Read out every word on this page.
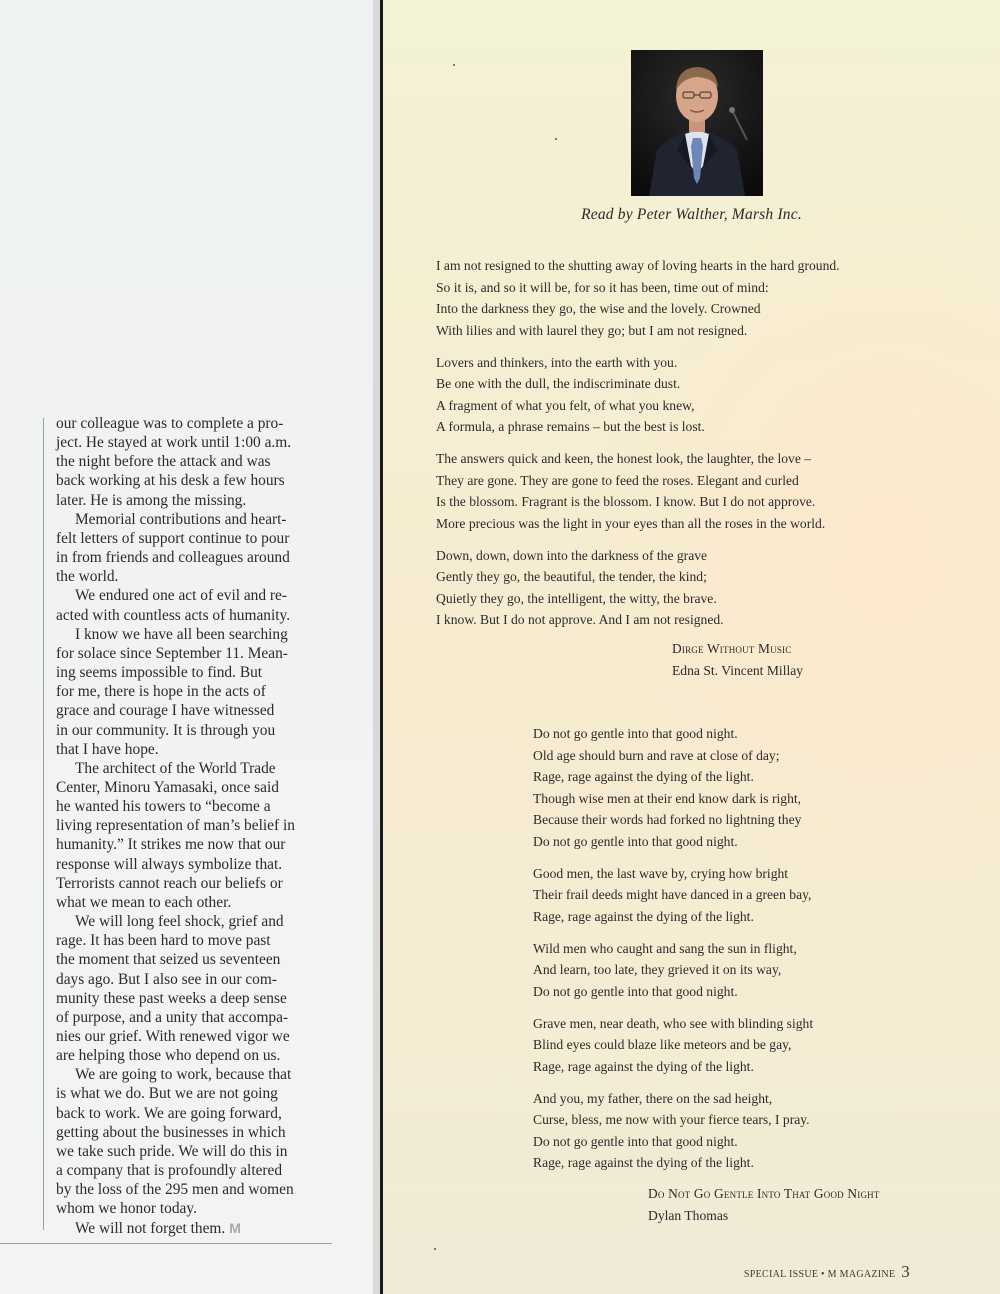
our colleague was to complete a pro-
ject. He stayed at work until 1:00 a.m.
the night before the attack and was
back working at his desk a few hours
later. He is among the missing.
Memorial contributions and heart-
felt letters of support continue to pour
in from friends and colleagues around
the world.
We endured one act of evil and re-
acted with countless acts of humanity.
I know we have all been searching
for solace since September 11. Mean-
ing seems impossible to find. But
for me, there is hope in the acts of
grace and courage I have witnessed
in our community. It is through you
that I have hope.
The architect of the World Trade
Center, Minoru Yamasaki, once said
he wanted his towers to “become a
living representation of man’s belief in
humanity.” It strikes me now that our
response will always symbolize that.
Terrorists cannot reach our beliefs or
what we mean to each other.
We will long feel shock, grief and
rage. It has been hard to move past
the moment that seized us seventeen
days ago. But I also see in our com-
munity these past weeks a deep sense
of purpose, and a unity that accompa-
nies our grief. With renewed vigor we
are helping those who depend on us.
We are going to work, because that
is what we do. But we are not going
back to work. We are going forward,
getting about the businesses in which
we take such pride. We will do this in
a company that is profoundly altered
by the loss of the 295 men and women
whom we honor today.
We will not forget them. M
Read by Peter Walther, Marsh Inc.
I am not resigned to the shutting away of loving hearts in the hard ground.
So it is, and so it will be, for so it has been, time out of mind:
Into the darkness they go, the wise and the lovely. Crowned
With lilies and with laurel they go; but I am not resigned.
Lovers and thinkers, into the earth with you.
Be one with the dull, the indiscriminate dust.
A fragment of what you felt, of what you knew,
A formula, a phrase remains – but the best is lost.
The answers quick and keen, the honest look, the laughter, the love –
They are gone. They are gone to feed the roses. Elegant and curled
Is the blossom. Fragrant is the blossom. I know. But I do not approve.
More precious was the light in your eyes than all the roses in the world.
Down, down, down into the darkness of the grave
Gently they go, the beautiful, the tender, the kind;
Quietly they go, the intelligent, the witty, the brave.
I know. But I do not approve. And I am not resigned.
Dirge Without Music
Edna St. Vincent Millay
Do not go gentle into that good night.
Old age should burn and rave at close of day;
Rage, rage against the dying of the light.
Though wise men at their end know dark is right,
Because their words had forked no lightning they
Do not go gentle into that good night.
Good men, the last wave by, crying how bright
Their frail deeds might have danced in a green bay,
Rage, rage against the dying of the light.
Wild men who caught and sang the sun in flight,
And learn, too late, they grieved it on its way,
Do not go gentle into that good night.
Grave men, near death, who see with blinding sight
Blind eyes could blaze like meteors and be gay,
Rage, rage against the dying of the light.
And you, my father, there on the sad height,
Curse, bless, me now with your fierce tears, I pray.
Do not go gentle into that good night.
Rage, rage against the dying of the light.
Do Not Go Gentle Into That Good Night
Dylan Thomas
SPECIAL ISSUE • M MAGAZINE 3
